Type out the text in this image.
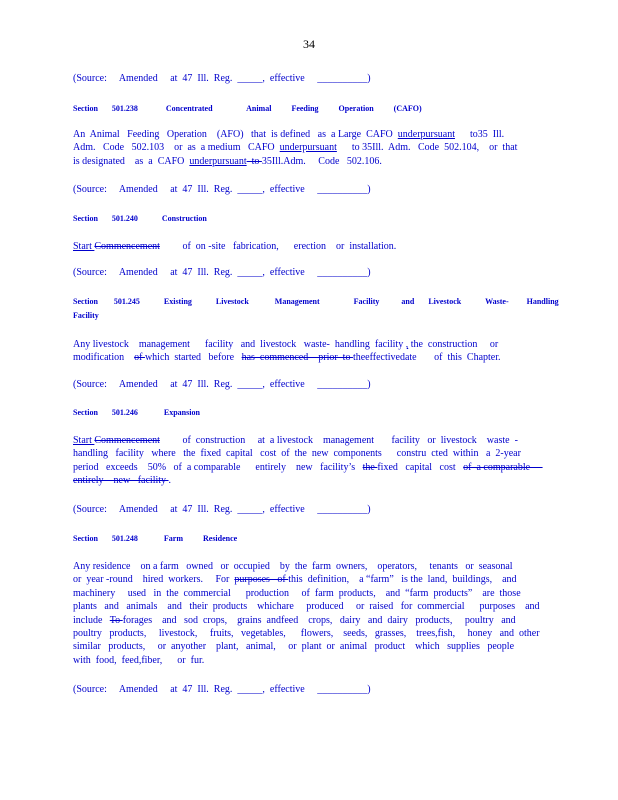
34
(Source:     Amended     at  47  Ill.  Reg.  _____,  effective     __________)
(Source:     Amended     at  47  Ill.  Reg.  _____,  effective     __________)
(Source:     Amended     at  47  Ill.  Reg.  _____,  effective     __________)
(Source:     Amended     at  47  Ill.  Reg.  _____,  effective     __________)
(Source:     Amended     at  47  Ill.  Reg.  _____,  effective     __________)
(Source:     Amended     at  47  Ill.  Reg.  _____,  effective     __________)
Section       501.238              Concentrated                 Animal          Feeding          Operation          (CAFO)
An  Animal   Feeding   Operation    (AFO)   that  is defined   as  a Large  CAFO  underpursuant      to35  Ill.
Adm.   Code   502.103    or  as  a medium   CAFO  underpursuant      to 35Ill.  Adm.   Code  502.104,    or  that
is designated    as  a  CAFO  underpursuant  to 35Ill.Adm.     Code   502.106.
Section       501.240            Construction
Start Commencement         of  on -site   fabrication,      erection    or  installation.
Section        501.245            Existing            Livestock             Management                 Facility           and       Livestock            Waste-         Handling
Facility
Any livestock    management      facility   and  livestock   waste-  handling  facility , the  construction     or
modification    of which  started   before   has  commenced    prior  to theeffectivedate       of  this  Chapter.
Section       501.246             Expansion
Start Commencement         of  construction     at  a livestock    management       facility   or  livestock    waste  -
handling   facility   where   the  fixed  capital   cost  of  the  new  components      constru  cted  within   a  2-year
period   exceeds    50%   of  a comparable      entirely    new   facility’s   the fixed   capital   cost   of  a comparable
entirely    new   facility .
Section       501.248             Farm          Residence
Any residence    on a farm   owned   or  occupied    by  the  farm  owners,    operators,     tenants   or  seasonal
or  year -round    hired  workers.     For  purposes   of this  definition,    a “farm”   is the  land,  buildings,    and
machinery     used   in  the  commercial      production     of  farm  products,    and  “farm  products”    are  those
plants   and   animals    and   their  products    whichare     produced     or  raised   for  commercial      purposes    and
include   To forages    and   sod  crops,    grains  andfeed    crops,   dairy   and  dairy   products,     poultry   and
poultry   products,     livestock,     fruits,   vegetables,      flowers,    seeds,   grasses,    trees,fish,     honey   and  other
similar   products,     or  anyother    plant,   animal,     or  plant  or  animal   product    which   supplies   people
with  food,  feed,fiber,      or  fur.
